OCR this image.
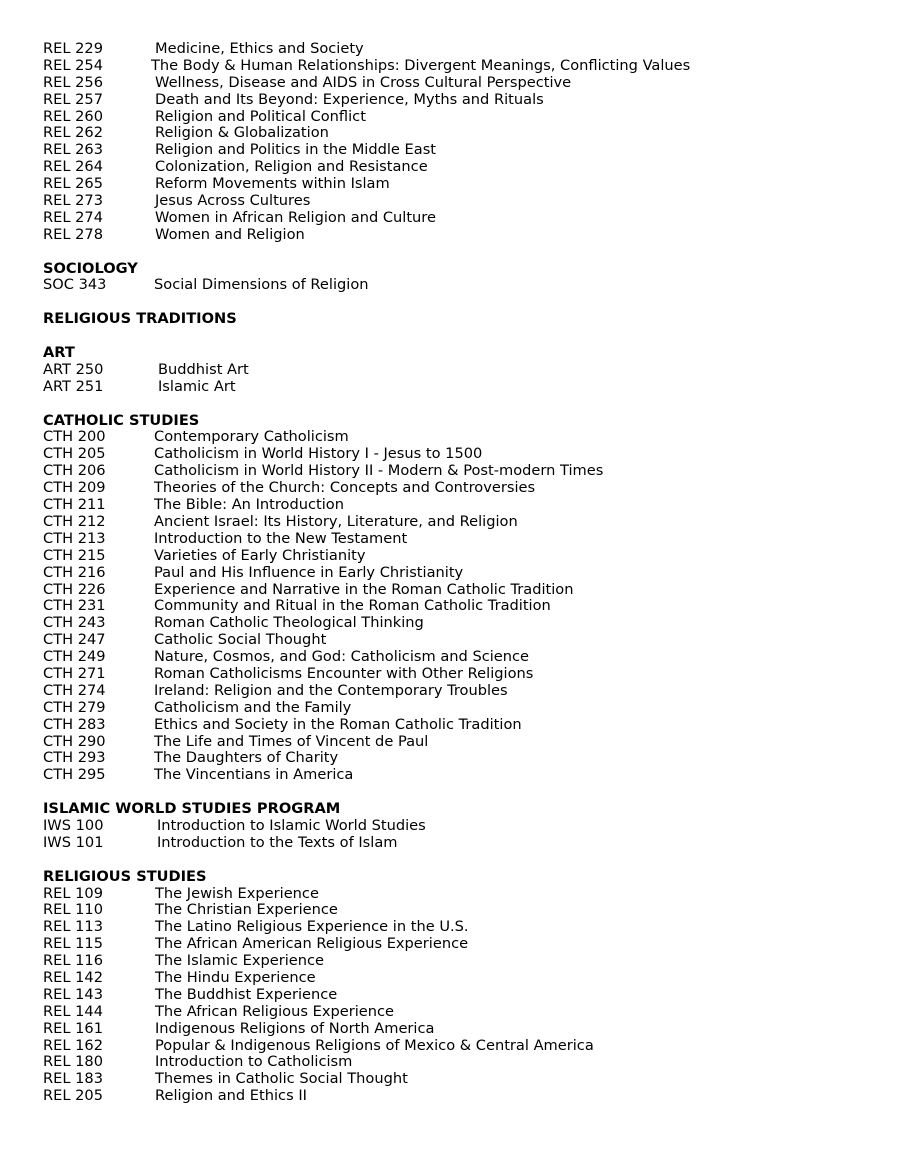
REL 229	Medicine, Ethics and Society
REL 254	The Body & Human Relationships: Divergent Meanings, Conflicting Values
REL 256	Wellness, Disease and AIDS in Cross Cultural Perspective
REL 257	Death and Its Beyond: Experience, Myths and Rituals
REL 260	Religion and Political Conflict
REL 262	Religion & Globalization
REL 263	Religion and Politics in the Middle East
REL 264	Colonization, Religion and Resistance
REL 265	Reform Movements within Islam
REL 273	Jesus Across Cultures
REL 274	Women in African Religion and Culture
REL 278	Women and Religion
SOCIOLOGY
SOC 343	Social Dimensions of Religion
RELIGIOUS TRADITIONS
ART
ART 250	Buddhist Art
ART 251	Islamic Art
CATHOLIC STUDIES
CTH 200	Contemporary Catholicism
CTH 205	Catholicism in World History I - Jesus to 1500
CTH 206	Catholicism in World History II - Modern & Post-modern Times
CTH 209	Theories of the Church: Concepts and Controversies
CTH 211	The Bible: An Introduction
CTH 212	Ancient Israel: Its History, Literature, and Religion
CTH 213	Introduction to the New Testament
CTH 215	Varieties of Early Christianity
CTH 216	Paul and His Influence in Early Christianity
CTH 226	Experience and Narrative in the Roman Catholic Tradition
CTH 231	Community and Ritual in the Roman Catholic Tradition
CTH 243	Roman Catholic Theological Thinking
CTH 247	Catholic Social Thought
CTH 249	Nature, Cosmos, and God: Catholicism and Science
CTH 271	Roman Catholicisms Encounter with Other Religions
CTH 274	Ireland: Religion and the Contemporary Troubles
CTH 279	Catholicism and the Family
CTH 283	Ethics and Society in the Roman Catholic Tradition
CTH 290	The Life and Times of Vincent de Paul
CTH 293	The Daughters of Charity
CTH 295	The Vincentians in America
ISLAMIC WORLD STUDIES PROGRAM
IWS 100	Introduction to Islamic World Studies
IWS 101	Introduction to the Texts of Islam
RELIGIOUS STUDIES
REL 109	The Jewish Experience
REL 110	The Christian Experience
REL 113	The Latino Religious Experience in the U.S.
REL 115	The African American Religious Experience
REL 116	The Islamic Experience
REL 142	The Hindu Experience
REL 143	The Buddhist Experience
REL 144	The African Religious Experience
REL 161	Indigenous Religions of North America
REL 162	Popular & Indigenous Religions of Mexico & Central America
REL 180	Introduction to Catholicism
REL 183	Themes in Catholic Social Thought
REL 205	Religion and Ethics II
